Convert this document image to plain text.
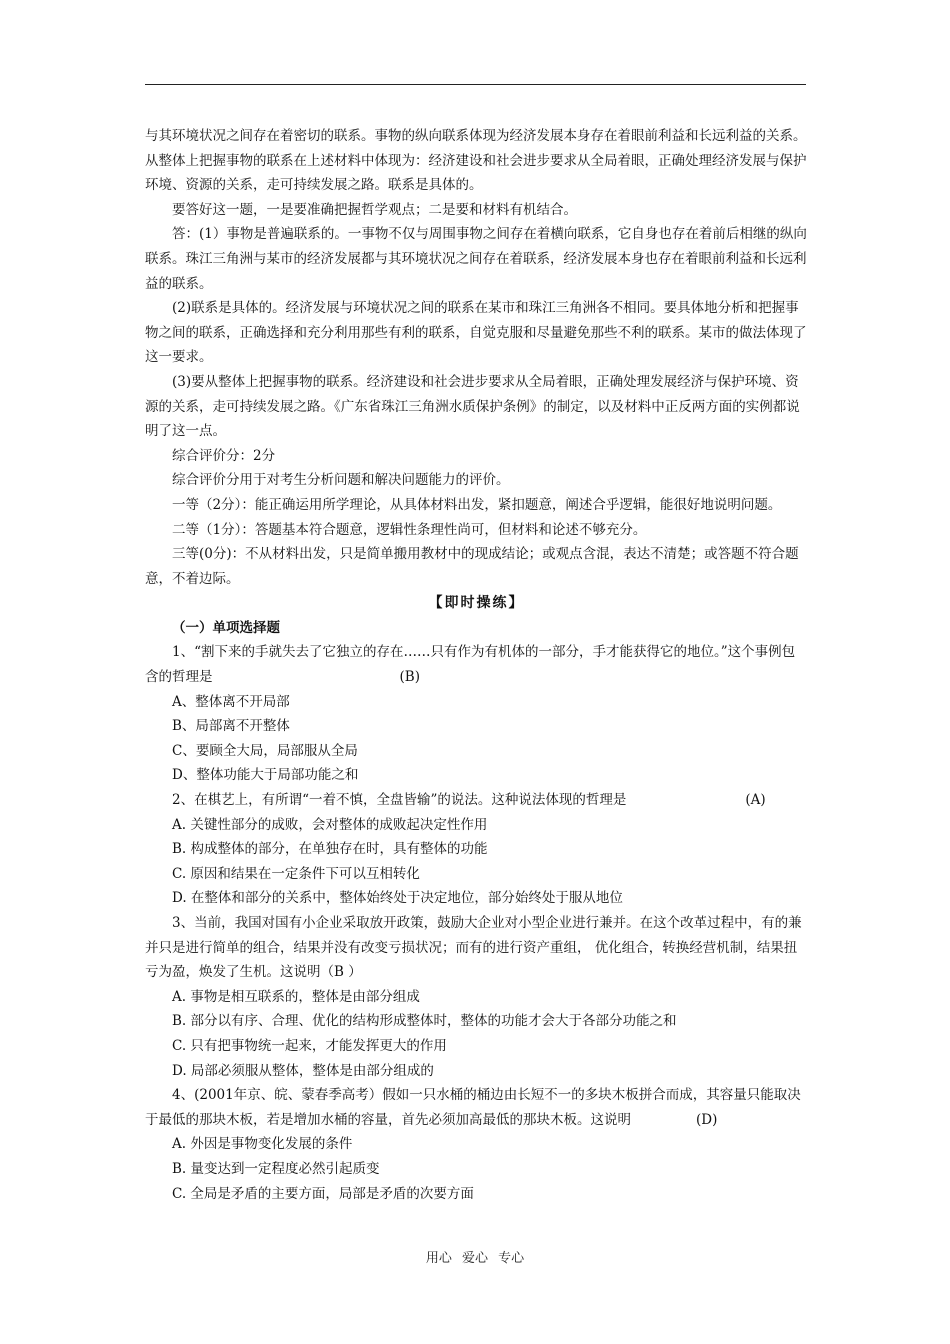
与其环境状况之间存在着密切的联系。事物的纵向联系体现为经济发展本身存在着眼前利益和长远利益的关系。从整体上把握事物的联系在上述材料中体现为：经济建设和社会进步要求从全局着眼，正确处理经济发展与保护环境、资源的关系，走可持续发展之路。联系是具体的。

要答好这一题，一是要准确把握哲学观点；二是要和材料有机结合。

答：(1）事物是普遍联系的。一事物不仅与周围事物之间存在着横向联系，它自身也存在着前后相继的纵向联系。珠江三角洲与某市的经济发展都与其环境状况之间存在着联系，经济发展本身也存在着眼前利益和长远利益的联系。

(2)联系是具体的。经济发展与环境状况之间的联系在某市和珠江三角洲各不相同。要具体地分析和把握事物之间的联系，正确选择和充分利用那些有利的联系，自觉克服和尽量避免那些不利的联系。某市的做法体现了这一要求。

(3)要从整体上把握事物的联系。经济建设和社会进步要求从全局着眼，正确处理发展经济与保护环境、资源的关系，走可持续发展之路。《广东省珠江三角洲水质保护条例》的制定，以及材料中正反两方面的实例都说明了这一点。

综合评价分：2分

综合评价分用于对考生分析问题和解决问题能力的评价。

一等（2分）：能正确运用所学理论，从具体材料出发，紧扣题意，阐述合乎逻辑，能很好地说明问题。

二等（1分）：答题基本符合题意，逻辑性条理性尚可，但材料和论述不够充分。

三等(0分)：不从材料出发，只是简单搬用教材中的现成结论；或观点含混，表达不清楚；或答题不符合题意，不着边际。

【即时操练】

（一）单项选择题

1、“割下来的手就失去了它独立的存在……只有作为有机体的一部分，手才能获得它的地位。”这个事例包含的哲理是	(B)

A、整体离不开局部

B、局部离不开整体

C、要顾全大局，局部服从全局

D、整体功能大于局部功能之和

2、在棋艺上，有所谓“一着不慎，全盘皆输”的说法。这种说法体现的哲理是	(A)

A. 关键性部分的成败，会对整体的成败起决定性作用

B. 构成整体的部分，在单独存在时，具有整体的功能

C. 原因和结果在一定条件下可以互相转化

D. 在整体和部分的关系中，整体始终处于决定地位，部分始终处于服从地位

3、当前，我国对国有小企业采取放开政策，鼓励大企业对小型企业进行兼并。在这个改革过程中，有的兼并只是进行简单的组合，结果并没有改变亏损状况；而有的进行资产重组， 优化组合，转换经营机制，结果扭亏为盈，焕发了生机。这说明（B ）

A. 事物是相互联系的，整体是由部分组成

B. 部分以有序、合理、优化的结构形成整体时，整体的功能才会大于各部分功能之和

C. 只有把事物统一起来，才能发挥更大的作用

D. 局部必须服从整体，整体是由部分组成的

4、(2001年京、皖、蒙春季高考）假如一只水桶的桶边由长短不一的多块木板拼合而成，其容量只能取决于最低的那块木板，若是增加水桶的容量，首先必须加高最低的那块木板。这说明	(D)

A. 外因是事物变化发展的条件

B. 量变达到一定程度必然引起质变

C. 全局是矛盾的主要方面，局部是矛盾的次要方面

用心 爱心 专心
